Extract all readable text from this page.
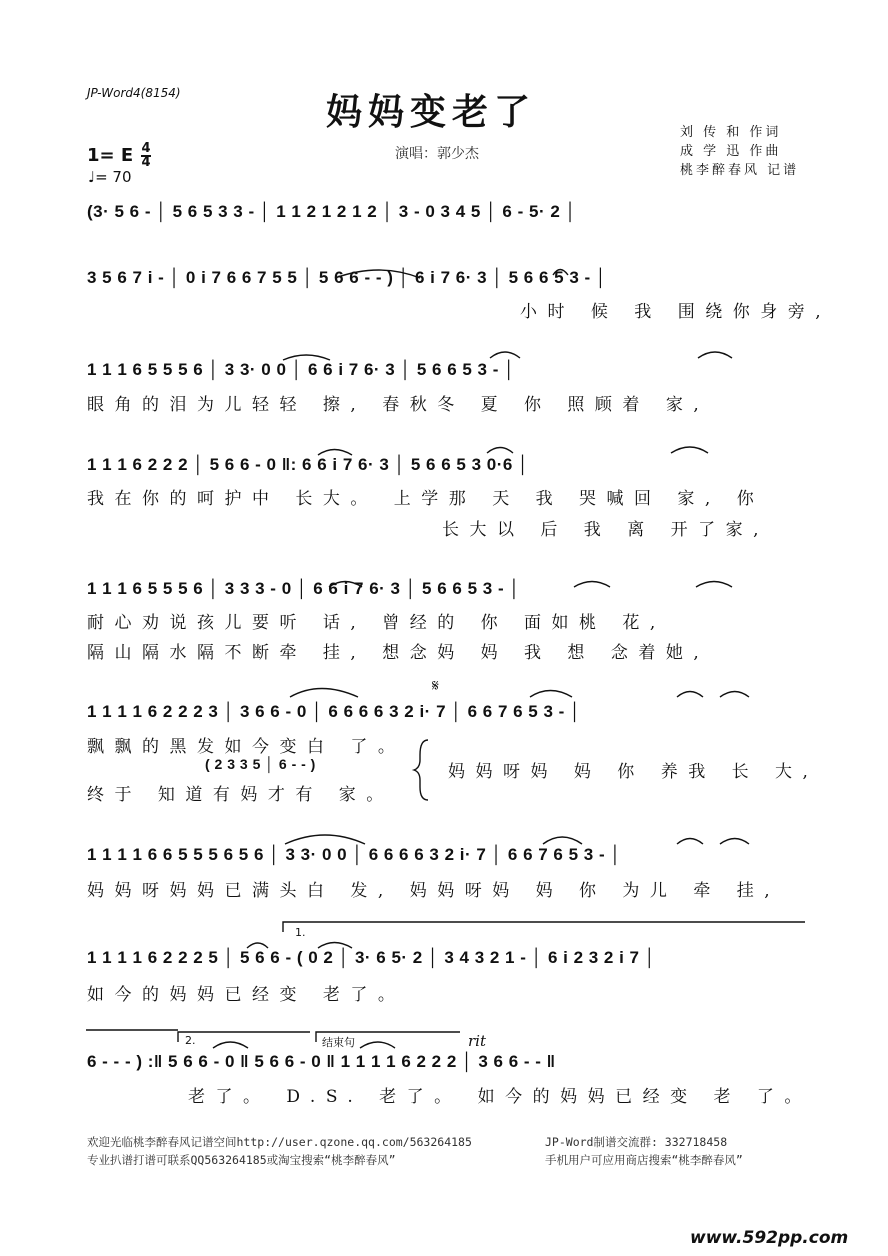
JP-Word4(8154)	妈妈变老了
演唱：郭少杰
1= E $\frac{4}{4}$
♩= 70
刘 传 和 作词
成 学 迅 作曲
桃李醉春风 记谱
(3· 5 6 - │ 5 6 5 3 3 - │ 1 1 2 1 2 1 2 │ 3 - 0 3 4 5 │ 6 - 5· 2 │
3 5 6 7 i - │ 0 i 7 6 6 7 5 5 │ 5 6 6 - - ) │ 6 i 7 6· 3 │ 5 6 6 5 3 - │
小时 候 我 围绕你身旁,
1 1 1 6 5 5 5 6 │ 3 3· 0 0 │ 6 6 i 7 6· 3 │ 5 6 6 5 3 - │
眼角的泪为儿轻轻 擦, 春秋冬 夏 你 照顾着 家,
1 1 1 6 2 2 2 │ 5 6 6 - 0 ‖: 6 6 i 7 6· 3 │ 5 6 6 5 3 0·6 │
我在你的呵护中 长大。 上学那 天 我 哭喊回 家, 你
长大以 后 我 离 开了家,
1 1 1 6 5 5 5 6 │ 3 3 3 - 0 │ 6 6 i 7 6· 3 │ 5 6 6 5 3 - │
耐心劝说孩儿要听 话, 曾经的 你 面如桃 花,
隔山隔水隔不断牵 挂, 想念妈 妈 我 想 念着她,
𝄋
1 1 1 1 6 2 2 2 3 │ 3 6 6 - 0 │ 6 6 6 6 3 2 i· 7 │ 6 6 7 6 5 3 - │
飘飘的黑发如今变白 了。
( 2 3 3 5 │ 6 - - )	妈妈呀妈 妈 你 养我 长 大,
终于 知道有妈才有 家。
1 1 1 1 6 6 5 5 5 6 5 6 │ 3 3· 0 0 │ 6 6 6 6 3 2 i· 7 │ 6 6 7 6 5 3 - │
妈妈呀妈妈已满头白 发, 妈妈呀妈 妈 你 为儿 牵 挂,
1.
1 1 1 1 6 2 2 2 5 │ 5 6 6 - ( 0 2 │ 3· 6 5· 2 │ 3 4 3 2 1 - │ 6 i 2 3 2 i 7 │
如今的妈妈已经变 老了。
2.	结束句	rit
6 - - - ) :‖ 5 6 6 - 0 ‖ 5 6 6 - 0 ‖ 1 1 1 1 6 2 2 2 │ 3 6 6 - - ‖
老了。 D.S. 老了。 如今的妈妈已经变 老 了。
欢迎光临桃李醉春风记谱空间http://user.qzone.qq.com/563264185	JP-Word制谱交流群: 332718458
专业扒谱打谱可联系QQ563264185或淘宝搜索“桃李醉春风”	手机用户可应用商店搜索“桃李醉春风”
www.592pp.com
